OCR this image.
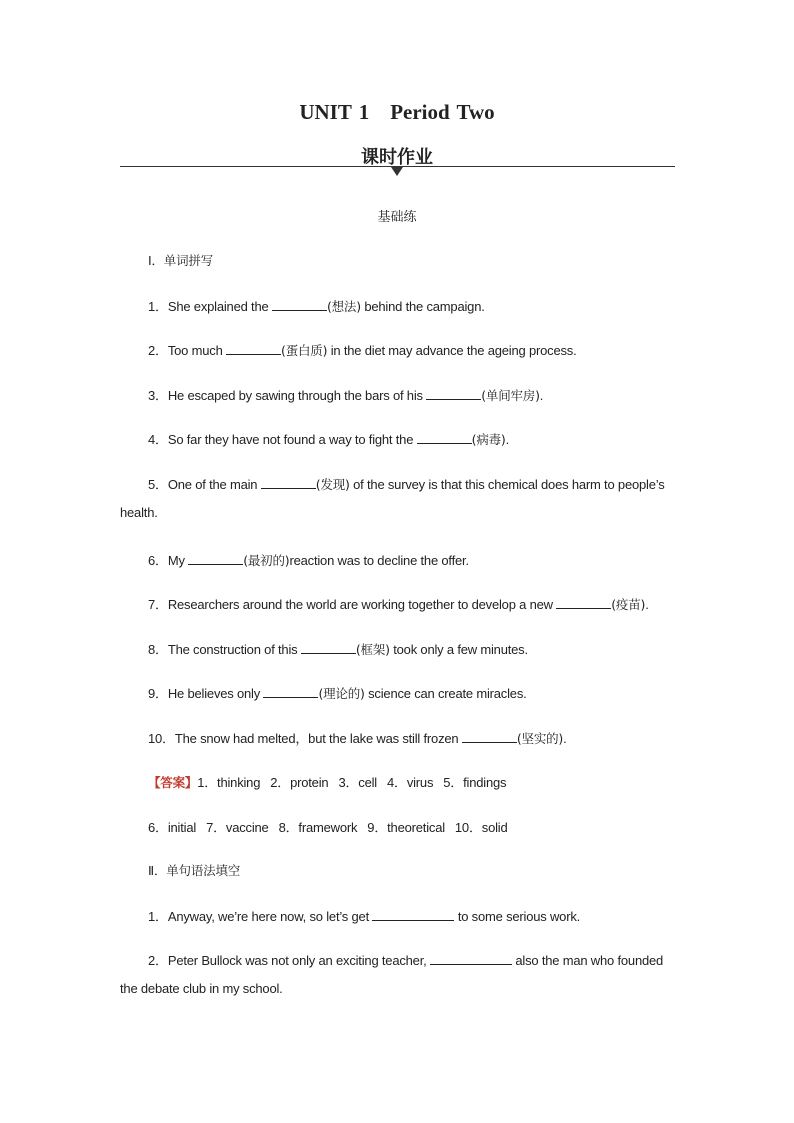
UNIT 1　Period Two
课时作业
基础练
Ⅰ．单词拼写
1．She explained the	(想法) behind the campaign.
2．Too much	(蛋白质) in the diet may advance the ageing process.
3．He escaped by sawing through the bars of his	(单间牢房).
4．So far they have not found a way to fight the	(病毒).
5．One of the main	(发现) of the survey is that this chemical does harm to people’s
health.
6．My	(最初的)reaction was to decline the offer.
7．Researchers around the world are working together to develop a new	(疫苗).
8．The construction of this	(框架) took only a few minutes.
9．He believes only	(理论的) science can create miracles.
10．The snow had melted，but the lake was still frozen	(坚实的).
【答案】1．thinking 2．protein 3．cell 4．virus 5．findings
6．initial 7．vaccine 8．framework 9．theoretical 10．solid
Ⅱ．单句语法填空
1．Anyway, we’re here now, so let’s get	to some serious work.
2．Peter Bullock was not only an exciting teacher,	also the man who founded
the debate club in my school.
